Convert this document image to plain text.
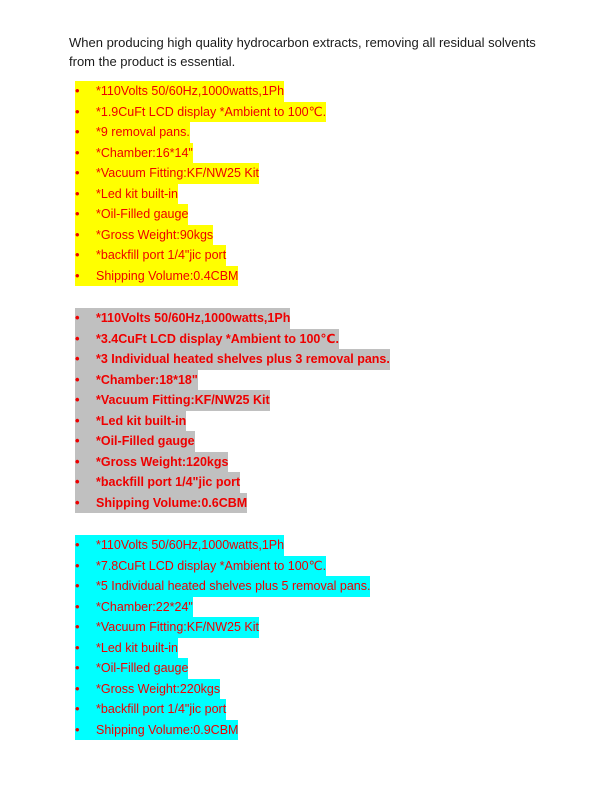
When producing high quality hydrocarbon extracts, removing all residual solvents from the product is essential.

•	*110Volts 50/60Hz,1000watts,1Ph
•	*1.9CuFt LCD display *Ambient to 100℃.
•	*9 removal pans.
•	*Chamber:16*14"
•	*Vacuum Fitting:KF/NW25 Kit
•	*Led kit built-in
•	*Oil-Filled gauge
•	*Gross Weight:90kgs
•	*backfill port 1/4"jic port
•	Shipping Volume:0.4CBM
•	*110Volts 50/60Hz,1000watts,1Ph
•	*3.4CuFt LCD display *Ambient to 100℃.
•	*3 Individual heated shelves plus 3 removal pans.
•	*Chamber:18*18"
•	*Vacuum Fitting:KF/NW25 Kit
•	*Led kit built-in
•	*Oil-Filled gauge
•	*Gross Weight:120kgs
•	*backfill port 1/4"jic port
•	Shipping Volume:0.6CBM
•	*110Volts 50/60Hz,1000watts,1Ph
•	*7.8CuFt LCD display *Ambient to 100℃.
•	*5 Individual heated shelves plus 5 removal pans.
•	*Chamber:22*24"
•	*Vacuum Fitting:KF/NW25 Kit
•	*Led kit built-in
•	*Oil-Filled gauge
•	*Gross Weight:220kgs
•	*backfill port 1/4"jic port
•	Shipping Volume:0.9CBM
